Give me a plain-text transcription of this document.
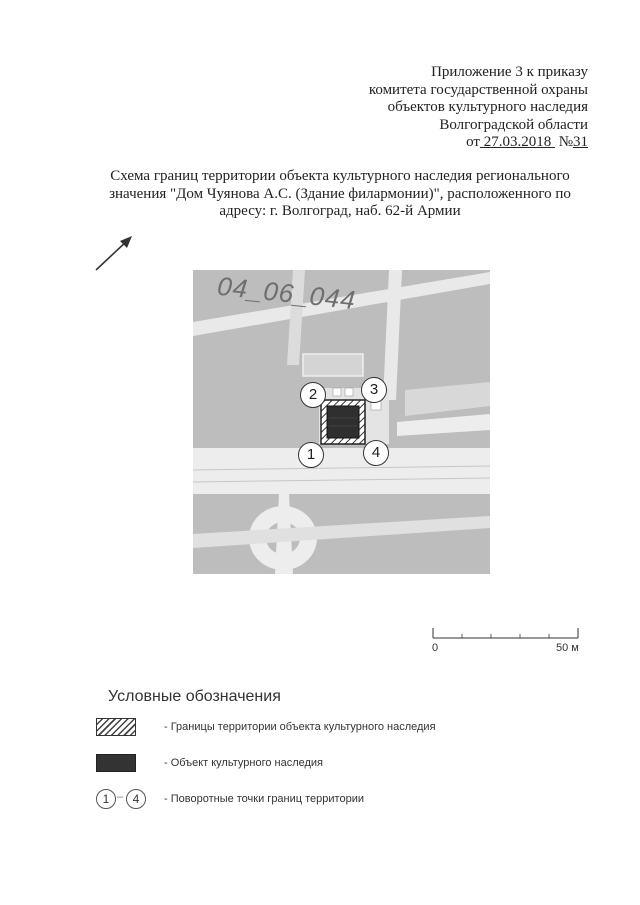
Приложение 3 к приказу
комитета государственной охраны
объектов культурного наследия
Волгоградской области
от 27.03.2018 №31
Схема границ территории объекта культурного наследия регионального
значения "Дом Чуянова А.С. (Здание филармонии)", расположенного по
адресу: г. Волгоград, наб. 62-й Армии
04_06_044
1
2	3
4
0	50 м
Условные обозначения
- Границы территории объекта культурного наследия
- Объект культурного наследия
1 – 4	- Поворотные точки границ территории
